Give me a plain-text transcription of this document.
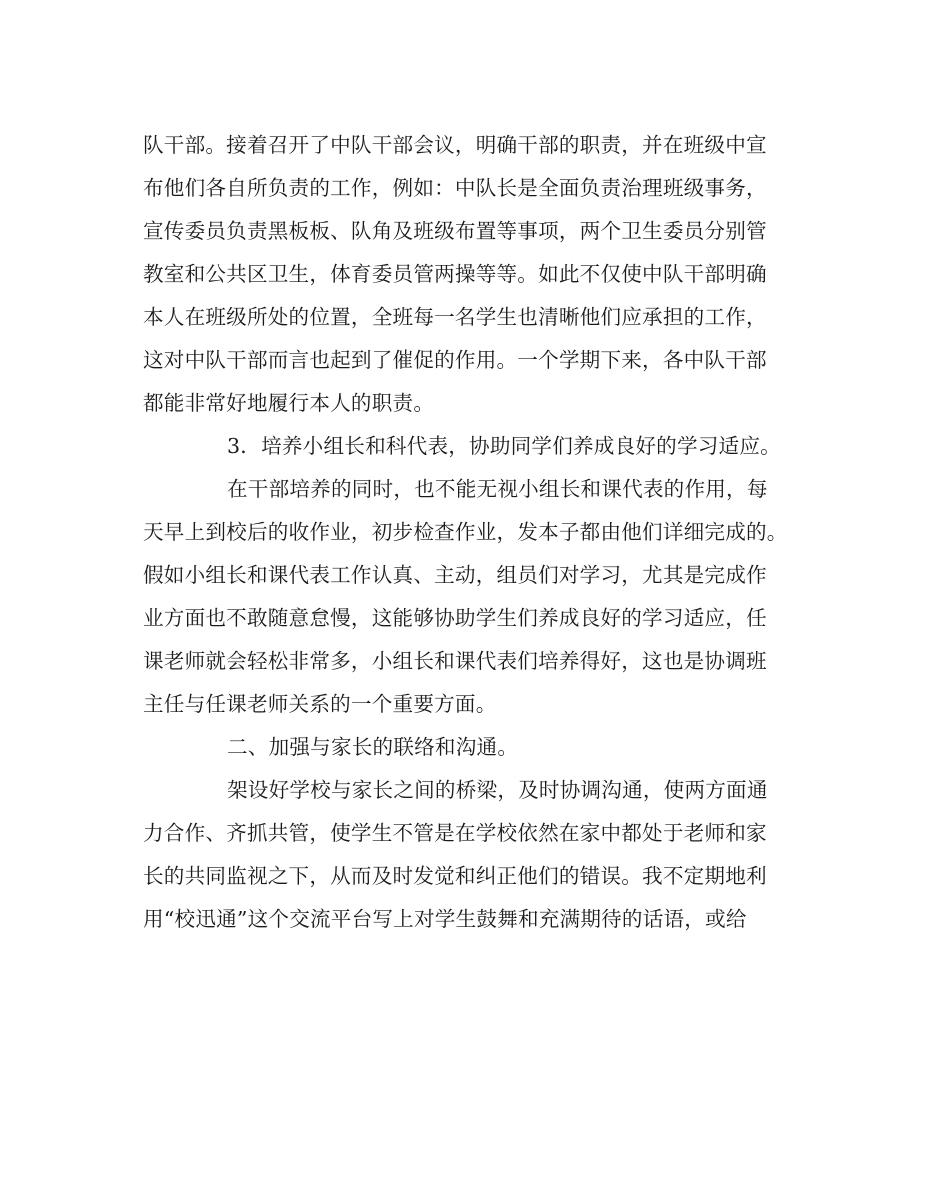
队干部。接着召开了中队干部会议，明确干部的职责，并在班级中宣
布他们各自所负责的工作，例如：中队长是全面负责治理班级事务，
宣传委员负责黑板板、队角及班级布置等事项，两个卫生委员分别管
教室和公共区卫生，体育委员管两操等等。如此不仅使中队干部明确
本人在班级所处的位置，全班每一名学生也清晰他们应承担的工作，
这对中队干部而言也起到了催促的作用。一个学期下来，各中队干部
都能非常好地履行本人的职责。
3．培养小组长和科代表，协助同学们养成良好的学习适应。
在干部培养的同时，也不能无视小组长和课代表的作用，每
天早上到校后的收作业，初步检查作业，发本子都由他们详细完成的。
假如小组长和课代表工作认真、主动，组员们对学习，尤其是完成作
业方面也不敢随意怠慢，这能够协助学生们养成良好的学习适应，任
课老师就会轻松非常多，小组长和课代表们培养得好，这也是协调班
主任与任课老师关系的一个重要方面。
二、加强与家长的联络和沟通。
架设好学校与家长之间的桥梁，及时协调沟通，使两方面通
力合作、齐抓共管，使学生不管是在学校依然在家中都处于老师和家
长的共同监视之下，从而及时发觉和纠正他们的错误。我不定期地利
用“校迅通”这个交流平台写上对学生鼓舞和充满期待的话语，或给
